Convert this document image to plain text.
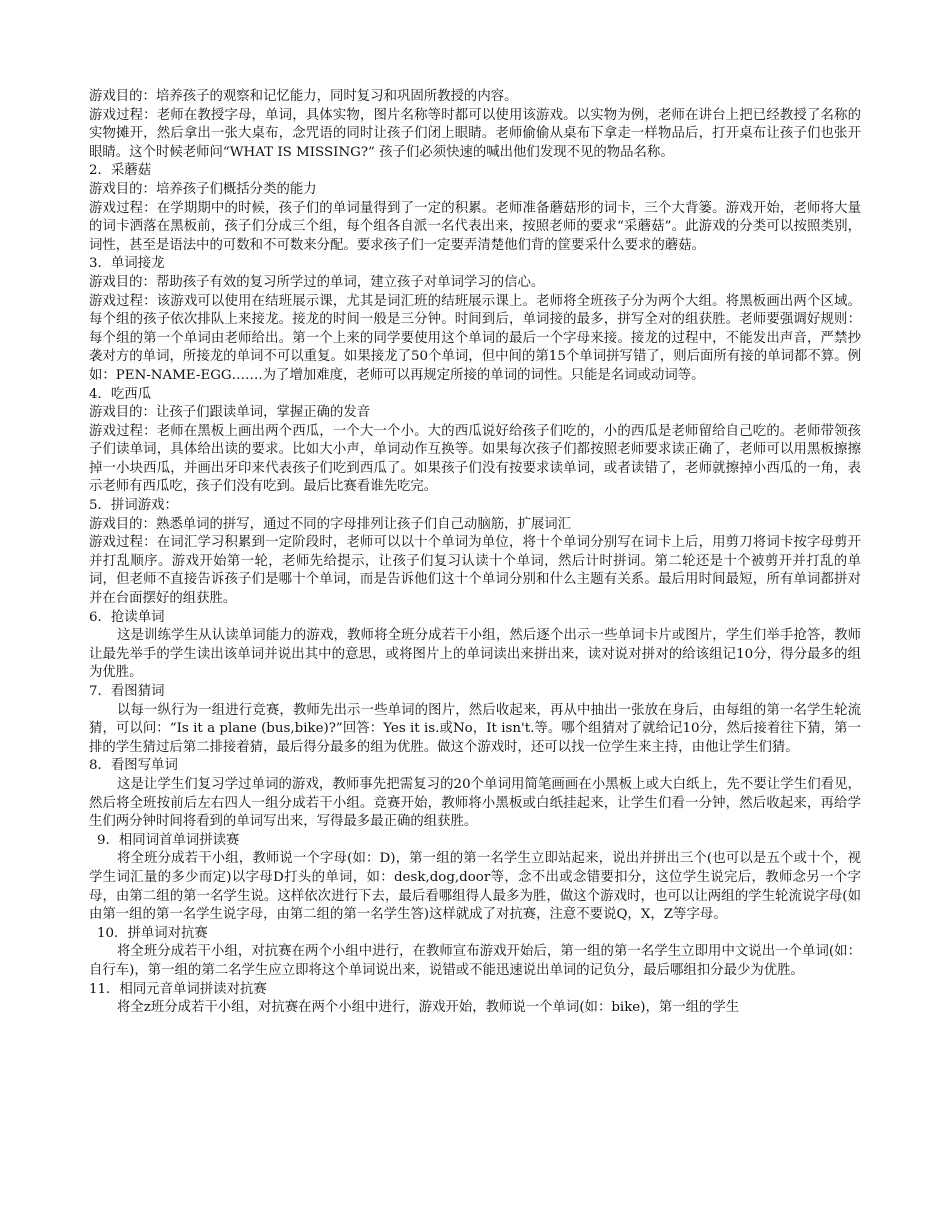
游戏目的：培养孩子的观察和记忆能力，同时复习和巩固所教授的内容。

游戏过程：老师在教授字母，单词，具体实物，图片名称等时都可以使用该游戏。以实物为例，老师在讲台上把已经教授了名称的实物摊开，然后拿出一张大桌布，念咒语的同时让孩子们闭上眼睛。老师偷偷从桌布下拿走一样物品后，打开桌布让孩子们也张开眼睛。这个时候老师问“WHAT IS MISSING?” 孩子们必须快速的喊出他们发现不见的物品名称。

2．采蘑菇

游戏目的：培养孩子们概括分类的能力

游戏过程：在学期期中的时候，孩子们的单词量得到了一定的积累。老师准备蘑菇形的词卡，三个大背篓。游戏开始，老师将大量的词卡洒落在黑板前，孩子们分成三个组，每个组各自派一名代表出来，按照老师的要求“采蘑菇”。此游戏的分类可以按照类别，词性，甚至是语法中的可数和不可数来分配。要求孩子们一定要弄清楚他们背的筐要采什么要求的蘑菇。

3．单词接龙

游戏目的：帮助孩子有效的复习所学过的单词，建立孩子对单词学习的信心。

游戏过程：该游戏可以使用在结班展示课，尤其是词汇班的结班展示课上。老师将全班孩子分为两个大组。将黑板画出两个区域。每个组的孩子依次排队上来接龙。接龙的时间一般是三分钟。时间到后，单词接的最多，拼写全对的组获胜。老师要强调好规则：每个组的第一个单词由老师给出。第一个上来的同学要使用这个单词的最后一个字母来接。接龙的过程中，不能发出声音，严禁抄袭对方的单词，所接龙的单词不可以重复。如果接龙了50个单词，但中间的第15个单词拼写错了，则后面所有接的单词都不算。例如：PEN-NAME-EGG…….为了增加难度，老师可以再规定所接的单词的词性。只能是名词或动词等。

4．吃西瓜

游戏目的：让孩子们跟读单词，掌握正确的发音

游戏过程：老师在黑板上画出两个西瓜，一个大一个小。大的西瓜说好给孩子们吃的，小的西瓜是老师留给自己吃的。老师带领孩子们读单词，具体给出读的要求。比如大小声，单词动作互换等。如果每次孩子们都按照老师要求读正确了，老师可以用黑板擦擦掉一小块西瓜，并画出牙印来代表孩子们吃到西瓜了。如果孩子们没有按要求读单词，或者读错了，老师就擦掉小西瓜的一角，表示老师有西瓜吃，孩子们没有吃到。最后比赛看谁先吃完。

5．拼词游戏：

游戏目的：熟悉单词的拼写，通过不同的字母排列让孩子们自己动脑筋，扩展词汇

游戏过程：在词汇学习积累到一定阶段时，老师可以以十个单词为单位，将十个单词分别写在词卡上后，用剪刀将词卡按字母剪开并打乱顺序。游戏开始第一轮，老师先给提示，让孩子们复习认读十个单词，然后计时拼词。第二轮还是十个被剪开并打乱的单词，但老师不直接告诉孩子们是哪十个单词，而是告诉他们这十个单词分别和什么主题有关系。最后用时间最短，所有单词都拼对并在台面摆好的组获胜。

6．抢读单词

这是训练学生从认读单词能力的游戏，教师将全班分成若干小组，然后逐个出示一些单词卡片或图片，学生们举手抢答，教师让最先举手的学生读出该单词并说出其中的意思，或将图片上的单词读出来拼出来，读对说对拼对的给该组记10分，得分最多的组为优胜。

7．看图猜词

以每一纵行为一组进行竞赛，教师先出示一些单词的图片，然后收起来，再从中抽出一张放在身后，由每组的第一名学生轮流猜，可以问：“Is it a plane (bus,bike)?”回答：Yes it is.或No，It isn't.等。哪个组猜对了就给记10分，然后接着往下猜，第一排的学生猜过后第二排接着猜，最后得分最多的组为优胜。做这个游戏时，还可以找一位学生来主持，由他让学生们猜。

8．看图写单词

这是让学生们复习学过单词的游戏，教师事先把需复习的20个单词用简笔画画在小黑板上或大白纸上，先不要让学生们看见，然后将全班按前后左右四人一组分成若干小组。竞赛开始，教师将小黑板或白纸挂起来，让学生们看一分钟，然后收起来，再给学生们两分钟时间将看到的单词写出来，写得最多最正确的组获胜。

9．相同词首单词拼读赛

将全班分成若干小组，教师说一个字母(如：D)，第一组的第一名学生立即站起来，说出并拼出三个(也可以是五个或十个，视学生词汇量的多少而定)以字母D打头的单词，如：desk,dog,door等，念不出或念错要扣分，这位学生说完后，教师念另一个字母，由第二组的第一名学生说。这样依次进行下去，最后看哪组得人最多为胜，做这个游戏时，也可以让两组的学生轮流说字母(如由第一组的第一名学生说字母，由第二组的第一名学生答)这样就成了对抗赛，注意不要说Q，X，Z等字母。

10．拼单词对抗赛

将全班分成若干小组，对抗赛在两个小组中进行，在教师宣布游戏开始后，第一组的第一名学生立即用中文说出一个单词(如：自行车)，第一组的第二名学生应立即将这个单词说出来，说错或不能迅速说出单词的记负分，最后哪组扣分最少为优胜。

11．相同元音单词拼读对抗赛

将全z班分成若干小组，对抗赛在两个小组中进行，游戏开始，教师说一个单词(如：bike)，第一组的学生
